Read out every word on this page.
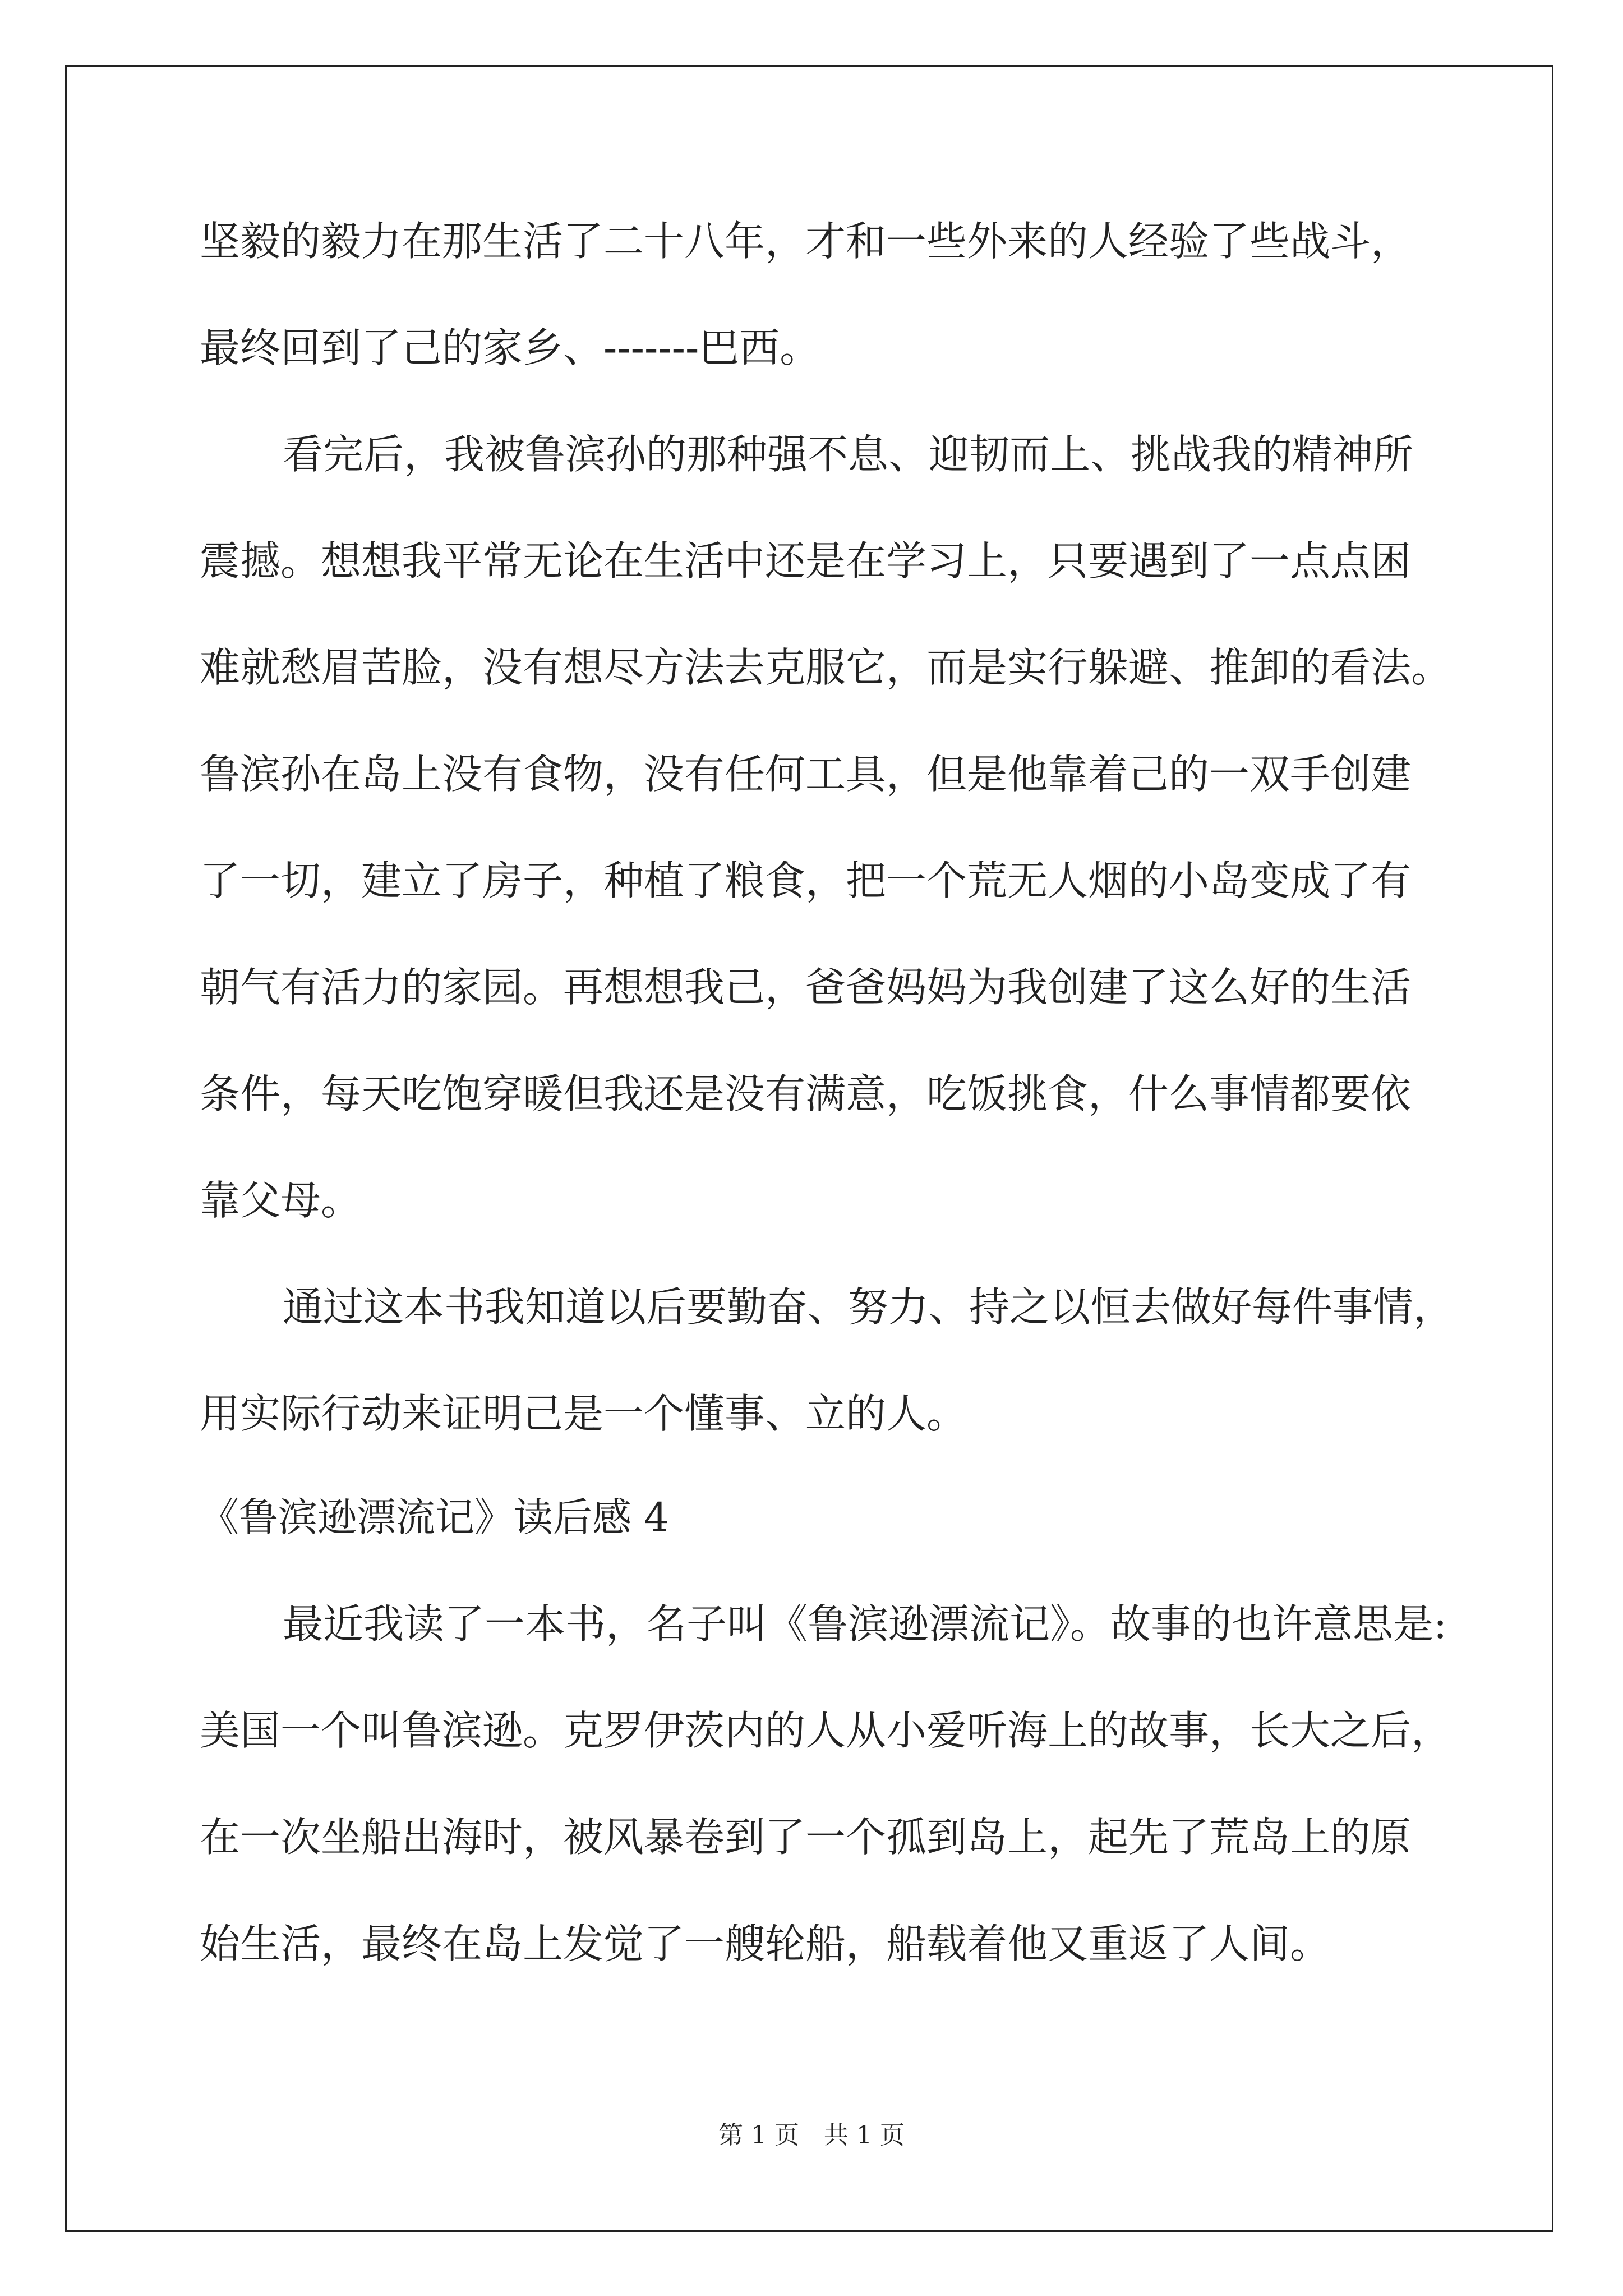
坚毅的毅力在那生活了二十八年，才和一些外来的人经验了些战斗，
最终回到了己的家乡、-------巴西。
看完后，我被鲁滨孙的那种强不息、迎韧而上、挑战我的精神所
震撼。想想我平常无论在生活中还是在学习上，只要遇到了一点点困
难就愁眉苦脸，没有想尽方法去克服它，而是实行躲避、推卸的看法。
鲁滨孙在岛上没有食物，没有任何工具，但是他靠着己的一双手创建
了一切，建立了房子，种植了粮食，把一个荒无人烟的小岛变成了有
朝气有活力的家园。再想想我己，爸爸妈妈为我创建了这么好的生活
条件，每天吃饱穿暖但我还是没有满意，吃饭挑食，什么事情都要依
靠父母。
通过这本书我知道以后要勤奋、努力、持之以恒去做好每件事情，
用实际行动来证明己是一个懂事、立的人。
《鲁滨逊漂流记》读后感 4
最近我读了一本书，名子叫《鲁滨逊漂流记》。故事的也许意思是:
美国一个叫鲁滨逊。克罗伊茨内的人从小爱听海上的故事，长大之后，
在一次坐船出海时，被风暴卷到了一个孤到岛上，起先了荒岛上的原
始生活，最终在岛上发觉了一艘轮船，船载着他又重返了人间。
第 1 页　共 1 页
